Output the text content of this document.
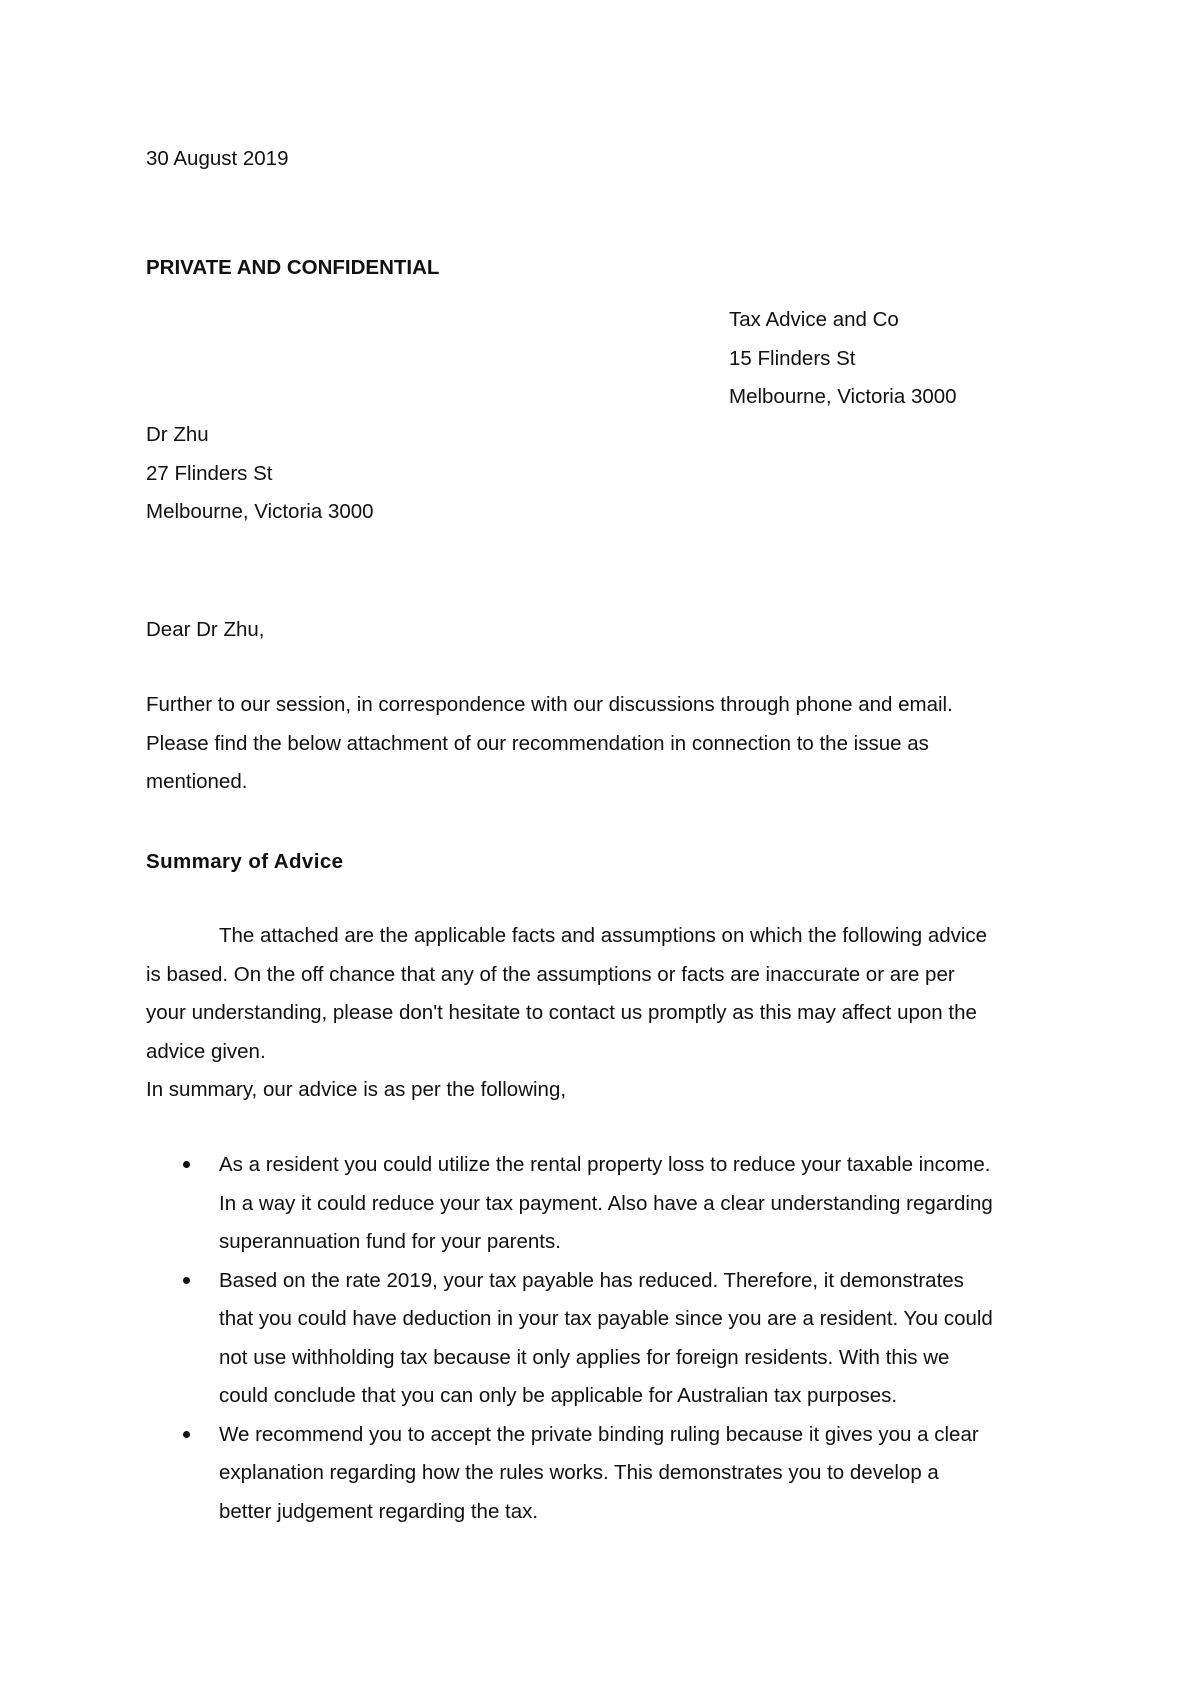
30 August 2019

PRIVATE AND CONFIDENTIAL

Tax Advice and Co
15 Flinders St
Melbourne, Victoria 3000
Dr Zhu
27 Flinders St
Melbourne, Victoria 3000

Dear Dr Zhu,

Further to our session, in correspondence with our discussions through phone and email.
Please find the below attachment of our recommendation in connection to the issue as
mentioned.

Summary of Advice

The attached are the applicable facts and assumptions on which the following advice
is based. On the off chance that any of the assumptions or facts are inaccurate or are per
your understanding, please don't hesitate to contact us promptly as this may affect upon the
advice given.
In summary, our advice is as per the following,

As a resident you could utilize the rental property loss to reduce your taxable income.
In a way it could reduce your tax payment. Also have a clear understanding regarding
superannuation fund for your parents.
Based on the rate 2019, your tax payable has reduced. Therefore, it demonstrates
that you could have deduction in your tax payable since you are a resident. You could
not use withholding tax because it only applies for foreign residents. With this we
could conclude that you can only be applicable for Australian tax purposes.
We recommend you to accept the private binding ruling because it gives you a clear
explanation regarding how the rules works. This demonstrates you to develop a
better judgement regarding the tax.
